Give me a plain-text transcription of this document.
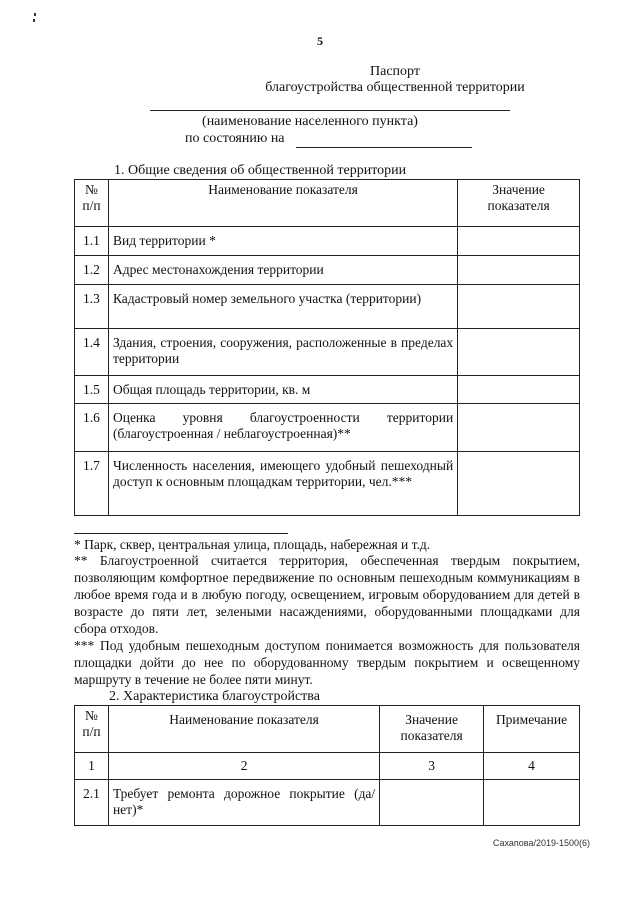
5
Паспорт
благоустройства общественной территории
(наименование населенного пункта)
по состоянию на
1. Общие сведения об общественной территории
№ п/п	Наименование показателя	Значение показателя
1.1	Вид территории *	
1.2	Адрес местонахождения территории	
1.3	Кадастровый номер земельного участка (территории)	
1.4	Здания, строения, сооружения, расположенные в пределах территории	
1.5	Общая площадь территории, кв. м	
1.6	Оценка уровня благоустроенности территории (благоустроенная / неблагоустроенная)**	
1.7	Численность населения, имеющего удобный пешеходный доступ к основным площадкам территории, чел.***	
* Парк, сквер, центральная улица, площадь, набережная и т.д.
** Благоустроенной считается территория, обеспеченная твердым покрытием, позволяющим комфортное передвижение по основным пешеходным коммуникациям в любое время года и в любую погоду, освещением, игровым оборудованием для детей в возрасте до пяти лет, зелеными насаждениями, оборудованными площадками для сбора отходов.
*** Под удобным пешеходным доступом понимается возможность для пользователя площадки дойти до нее по оборудованному твердым покрытием и освещенному маршруту в течение не более пяти минут.
2. Характеристика благоустройства
№ п/п	Наименование показателя	Значение показателя	Примечание
1	2	3	4
2.1	Требует ремонта дорожное покрытие (да/нет)*		
Сахапова/2019-1500(6)
